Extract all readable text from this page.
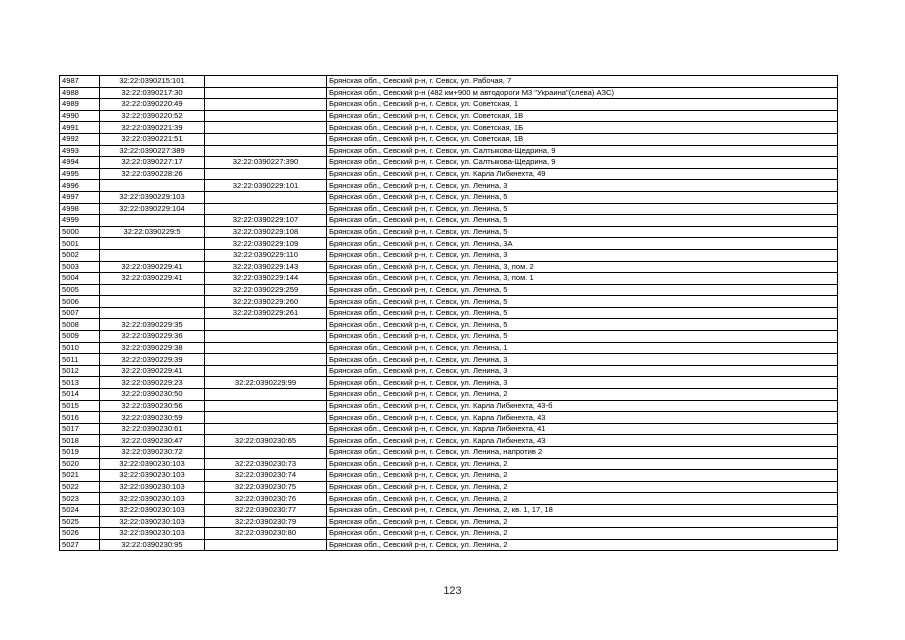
4987	32:22:0390215:101		Брянская обл., Севский р-н, г. Севск, ул. Рабочая, 7
4988	32:22:0390217:30		Брянская обл., Севский р-н (482 км+900 м автодороги М3 "Украина"(слева) АЗС)
4989	32:22:0390220:49		Брянская обл., Севский р-н, г. Севск, ул. Советская, 1
4990	32:22:0390220:52		Брянская обл., Севский р-н, г. Севск, ул. Советская, 1В
4991	32:22:0390221:39		Брянская обл., Севский р-н, г. Севск, ул. Советская, 1Б
4992	32:22:0390221:51		Брянская обл., Севский р-н, г. Севск, ул. Советская, 1В
4993	32:22:0390227:389		Брянская обл., Севский р-н, г. Севск, ул. Салтыкова-Щедрина, 9
4994	32:22:0390227:17	32:22:0390227:390	Брянская обл., Севский р-н, г. Севск, ул. Салтыкова-Щедрина, 9
4995	32:22:0390228:26		Брянская обл., Севский р-н, г. Севск, ул. Карла Либкнехта, 49
4996		32:22:0390229:101	Брянская обл., Севский р-н, г. Севск, ул. Ленина, 3
4997	32:22:0390229:103		Брянская обл., Севский р-н, г. Севск, ул. Ленина, 5
4998	32:22:0390229:104		Брянская обл., Севский р-н, г. Севск, ул. Ленина, 5
4999		32:22:0390229:107	Брянская обл., Севский р-н, г. Севск, ул. Ленина, 5
5000	32:22:0390229:5	32:22:0390229:108	Брянская обл., Севский р-н, г. Севск, ул. Ленина, 5
5001		32:22:0390229:109	Брянская обл., Севский р-н, г. Севск, ул. Ленина, 3А
5002		32:22:0390229:110	Брянская обл., Севский р-н, г. Севск, ул. Ленина, 3
5003	32:22:0390229:41	32:22:0390229:143	Брянская обл., Севский р-н, г. Севск, ул. Ленина, 3, пом. 2
5004	32:22:0390229:41	32:22:0390229:144	Брянская обл., Севский р-н, г. Севск, ул. Ленина, 3, пом. 1
5005		32:22:0390229:259	Брянская обл., Севский р-н, г. Севск, ул. Ленина, 5
5006		32:22:0390229:260	Брянская обл., Севский р-н, г. Севск, ул. Ленина, 5
5007		32:22:0390229:261	Брянская обл., Севский р-н, г. Севск, ул. Ленина, 5
5008	32:22:0390229:35		Брянская обл., Севский р-н, г. Севск, ул. Ленина, 5
5009	32:22:0390229:36		Брянская обл., Севский р-н, г. Севск, ул. Ленина, 5
5010	32:22:0390229:38		Брянская обл., Севский р-н, г. Севск, ул. Ленина, 1
5011	32:22:0390229:39		Брянская обл., Севский р-н, г. Севск, ул. Ленина, 3
5012	32:22:0390229:41		Брянская обл., Севский р-н, г. Севск, ул. Ленина, 3
5013	32:22:0390229:23	32:22:0390229:99	Брянская обл., Севский р-н, г. Севск, ул. Ленина, 3
5014	32:22:0390230:50		Брянская обл., Севский р-н, г. Севск, ул. Ленина, 2
5015	32:22:0390230:56		Брянская обл., Севский р-н, г. Севск, ул. Карла Либкнехта, 43-б
5016	32:22:0390230:59		Брянская обл., Севский р-н, г. Севск, ул. Карла Либкнехта, 43
5017	32:22:0390230:61		Брянская обл., Севский р-н, г. Севск, ул. Карла Либкнехта, 41
5018	32:22:0390230:47	32:22:0390230:65	Брянская обл., Севский р-н, г. Севск, ул. Карла Либкнехта, 43
5019	32:22:0390230:72		Брянская обл., Севский р-н, г. Севск, ул. Ленина, напротив 2
5020	32:22:0390230:103	32:22:0390230:73	Брянская обл., Севский р-н, г. Севск, ул. Ленина, 2
5021	32:22:0390230:103	32:22:0390230:74	Брянская обл., Севский р-н, г. Севск, ул. Ленина, 2
5022	32:22:0390230:103	32:22:0390230:75	Брянская обл., Севский р-н, г. Севск, ул. Ленина, 2
5023	32:22:0390230:103	32:22:0390230:76	Брянская обл., Севский р-н, г. Севск, ул. Ленина, 2
5024	32:22:0390230:103	32:22:0390230:77	Брянская обл., Севский р-н, г. Севск, ул. Ленина, 2, кв. 1, 17, 18
5025	32:22:0390230:103	32:22:0390230:79	Брянская обл., Севский р-н, г. Севск, ул. Ленина, 2
5026	32:22:0390230:103	32:22:0390230:80	Брянская обл., Севский р-н, г. Севск, ул. Ленина, 2
5027	32:22:0390230:95		Брянская обл., Севский р-н, г. Севск, ул. Ленина, 2
123
